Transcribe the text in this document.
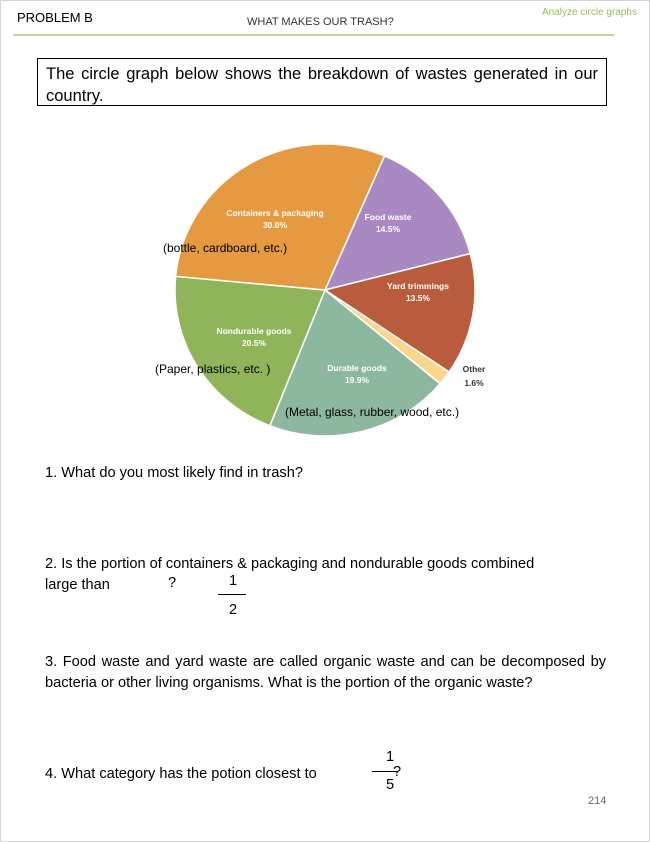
PROBLEM B	WHAT MAKES OUR TRASH?
Analyze circle graphs
The circle graph below shows the breakdown of wastes generated in our country.
Containers & packaging
30.0%
Food waste
14.5%
Yard trimmings
13.5%
Other
1.6%
Durable goods
19.9%
Nondurable goods
20.5%
(bottle, cardboard, etc.)
(Paper, plastics, etc. )
(Metal, glass, rubber, wood, etc.)
1. What do you most likely find in trash?
2. Is the portion of containers & packaging and nondurable goods combined
large than	?	1
2
3. Food waste and yard waste are called organic waste and can be decomposed by bacteria or other living organisms. What is the portion of the organic waste?
4. What category has the potion closest to
1
5
?
214
